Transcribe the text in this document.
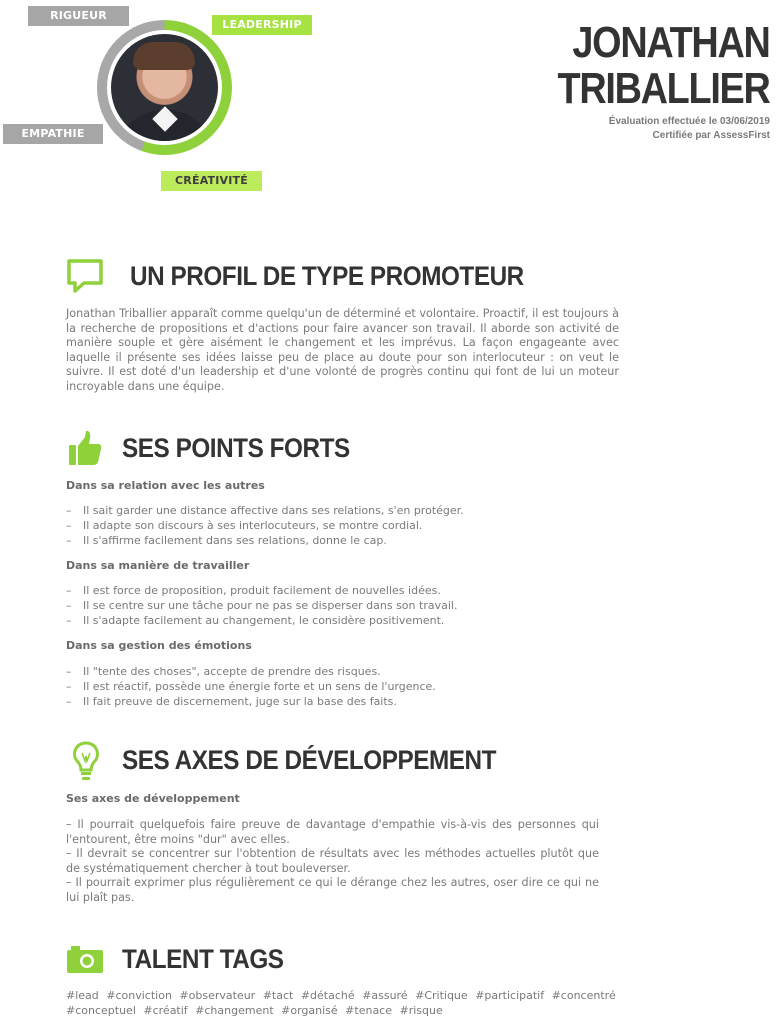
RIGUEUR
LEADERSHIP
EMPATHIE
CRÉATIVITÉ
JONATHAN
TRIBALLIER
Évaluation effectuée le 03/06/2019
Certifiée par AssessFirst
UN PROFIL DE TYPE PROMOTEUR
Jonathan Triballier apparaît comme quelqu'un de déterminé et volontaire. Proactif, il est toujours à la recherche de propositions et d'actions pour faire avancer son travail. Il aborde son activité de manière souple et gère aisément le changement et les imprévus. La façon engageante avec laquelle il présente ses idées laisse peu de place au doute pour son interlocuteur : on veut le suivre. Il est doté d'un leadership et d'une volonté de progrès continu qui font de lui un moteur incroyable dans une équipe.
SES POINTS FORTS
Dans sa relation avec les autres
– Il sait garder une distance affective dans ses relations, s'en protéger.
– Il adapte son discours à ses interlocuteurs, se montre cordial.
– Il s'affirme facilement dans ses relations, donne le cap.
Dans sa manière de travailler
– Il est force de proposition, produit facilement de nouvelles idées.
– Il se centre sur une tâche pour ne pas se disperser dans son travail.
– Il s'adapte facilement au changement, le considère positivement.
Dans sa gestion des émotions
– Il "tente des choses", accepte de prendre des risques.
– Il est réactif, possède une énergie forte et un sens de l'urgence.
– Il fait preuve de discernement, juge sur la base des faits.
SES AXES DE DÉVELOPPEMENT
Ses axes de développement
– Il pourrait quelquefois faire preuve de davantage d'empathie vis-à-vis des personnes qui l'entourent, être moins "dur" avec elles.
– Il devrait se concentrer sur l'obtention de résultats avec les méthodes actuelles plutôt que de systématiquement chercher à tout bouleverser.
– Il pourrait exprimer plus régulièrement ce qui le dérange chez les autres, oser dire ce qui ne lui plaît pas.
TALENT TAGS
#lead #conviction #observateur #tact #détaché #assuré #Critique #participatif #concentré
#conceptuel #créatif #changement #organisé #tenace #risque
